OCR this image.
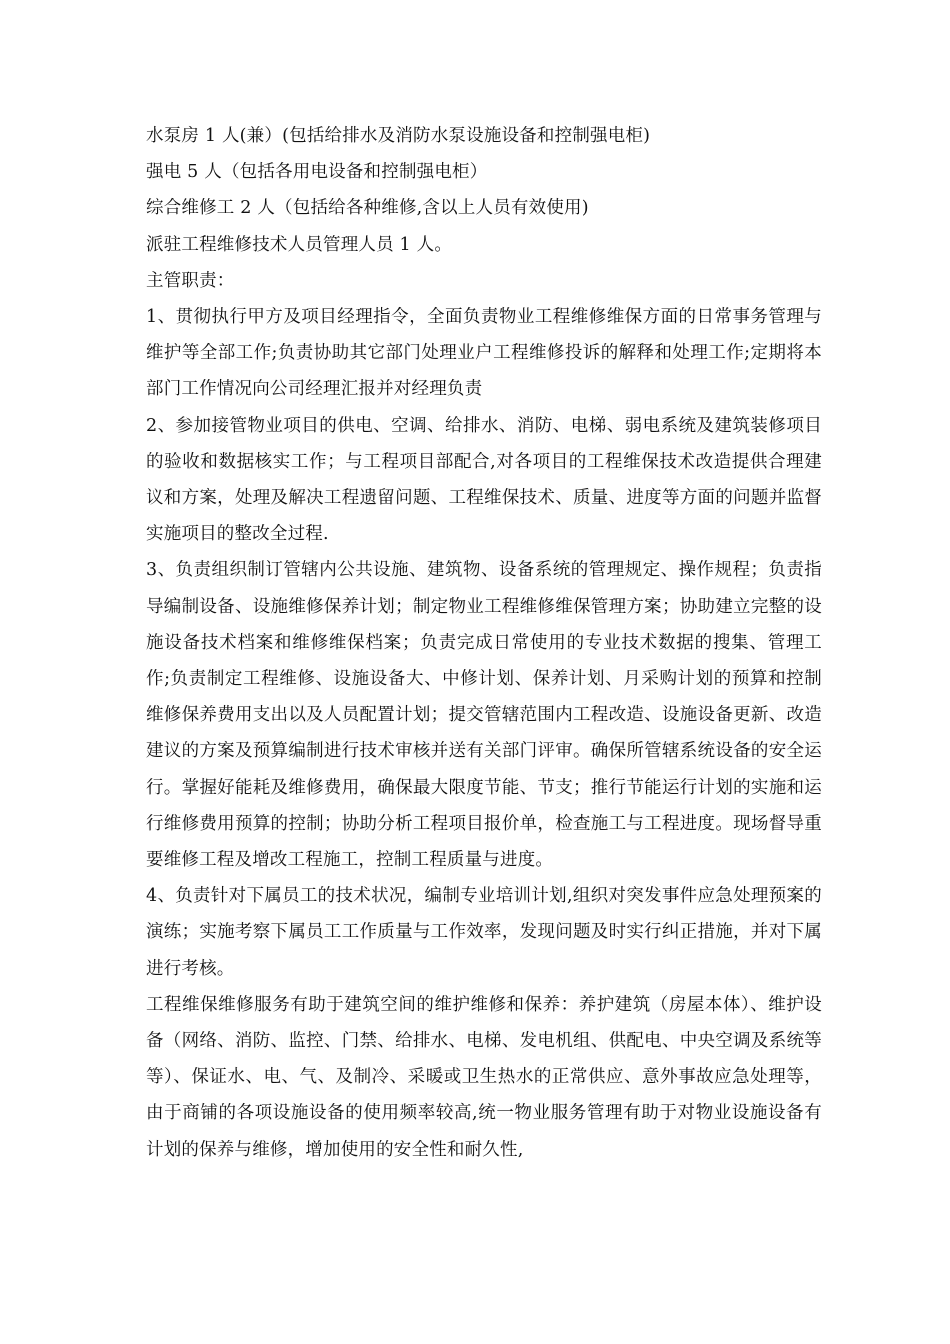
水泵房 1 人(兼）(包括给排水及消防水泵设施设备和控制强电柜)

强电 5 人（包括各用电设备和控制强电柜）

综合维修工 2 人（包括给各种维修,含以上人员有效使用)

派驻工程维修技术人员管理人员 1 人。

主管职责：

1、贯彻执行甲方及项目经理指令，全面负责物业工程维修维保方面的日常事务管理与维护等全部工作;负责协助其它部门处理业户工程维修投诉的解释和处理工作;定期将本部门工作情况向公司经理汇报并对经理负责

2、参加接管物业项目的供电、空调、给排水、消防、电梯、弱电系统及建筑装修项目的验收和数据核实工作；与工程项目部配合,对各项目的工程维保技术改造提供合理建议和方案，处理及解决工程遗留问题、工程维保技术、质量、进度等方面的问题并监督实施项目的整改全过程.

3、负责组织制订管辖内公共设施、建筑物、设备系统的管理规定、操作规程；负责指导编制设备、设施维修保养计划；制定物业工程维修维保管理方案；协助建立完整的设施设备技术档案和维修维保档案；负责完成日常使用的专业技术数据的搜集、管理工作;负责制定工程维修、设施设备大、中修计划、保养计划、月采购计划的预算和控制维修保养费用支出以及人员配置计划；提交管辖范围内工程改造、设施设备更新、改造建议的方案及预算编制进行技术审核并送有关部门评审。确保所管辖系统设备的安全运行。掌握好能耗及维修费用，确保最大限度节能、节支；推行节能运行计划的实施和运行维修费用预算的控制；协助分析工程项目报价单，检查施工与工程进度。现场督导重要维修工程及增改工程施工，控制工程质量与进度。

4、负责针对下属员工的技术状况，编制专业培训计划,组织对突发事件应急处理预案的演练；实施考察下属员工工作质量与工作效率，发现问题及时实行纠正措施，并对下属进行考核。

工程维保维修服务有助于建筑空间的维护维修和保养：养护建筑（房屋本体）、维护设备（网络、消防、监控、门禁、给排水、电梯、发电机组、供配电、中央空调及系统等等）、保证水、电、气、及制冷、采暖或卫生热水的正常供应、意外事故应急处理等，由于商铺的各项设施设备的使用频率较高,统一物业服务管理有助于对物业设施设备有计划的保养与维修，增加使用的安全性和耐久性,
